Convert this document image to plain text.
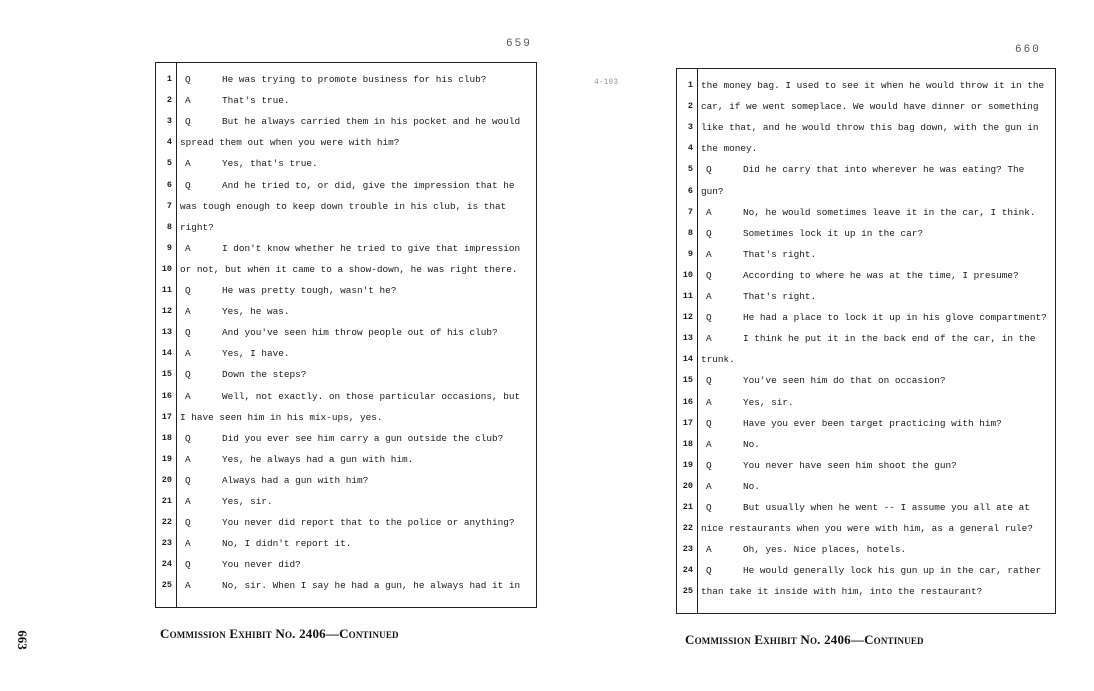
659
1 Q	He was trying to promote business for his club?
2 A	That's true.
3 Q	But he always carried them in his pocket and he would
4 spread them out when you were with him?
5 A	Yes, that's true.
6 Q	And he tried to, or did, give the impression that he
7 was tough enough to keep down trouble in his club, is that
8 right?
9 A	I don't know whether he tried to give that impression
10 or not, but when it came to a show-down, he was right there.
11 Q	He was pretty tough, wasn't he?
12 A	Yes, he was.
13 Q	And you've seen him throw people out of his club?
14 A	Yes, I have.
15 Q	Down the steps?
16 A	Well, not exactly. on those particular occasions, but
17 I have seen him in his mix-ups, yes.
18 Q	Did you ever see him carry a gun outside the club?
19 A	Yes, he always had a gun with him.
20 Q	Always had a gun with him?
21 A	Yes, sir.
22 Q	You never did report that to the police or anything?
23 A	No, I didn't report it.
24 Q	You never did?
25 A	No, sir. When I say he had a gun, he always had it in
Commission Exhibit No. 2406—Continued
4-103
660
1 the money bag. I used to see it when he would throw it in the
2 car, if we went someplace. We would have dinner or something
3 like that, and he would throw this bag down, with the gun in
4 the money.
5 Q	Did he carry that into wherever he was eating? The
6 gun?
7 A	No, he would sometimes leave it in the car, I think.
8 Q	Sometimes lock it up in the car?
9 A	That's right.
10 Q	According to where he was at the time, I presume?
11 A	That's right.
12 Q	He had a place to lock it up in his glove compartment?
13 A	I think he put it in the back end of the car, in the
14 trunk.
15 Q	You've seen him do that on occasion?
16 A	Yes, sir.
17 Q	Have you ever been target practicing with him?
18 A	No.
19 Q	You never have seen him shoot the gun?
20 A	No.
21 Q	But usually when he went -- I assume you all ate at
22 nice restaurants when you were with him, as a general rule?
23 A	Oh, yes. Nice places, hotels.
24 Q	He would generally lock his gun up in the car, rather
25 than take it inside with him, into the restaurant?
Commission Exhibit No. 2406—Continued
663
